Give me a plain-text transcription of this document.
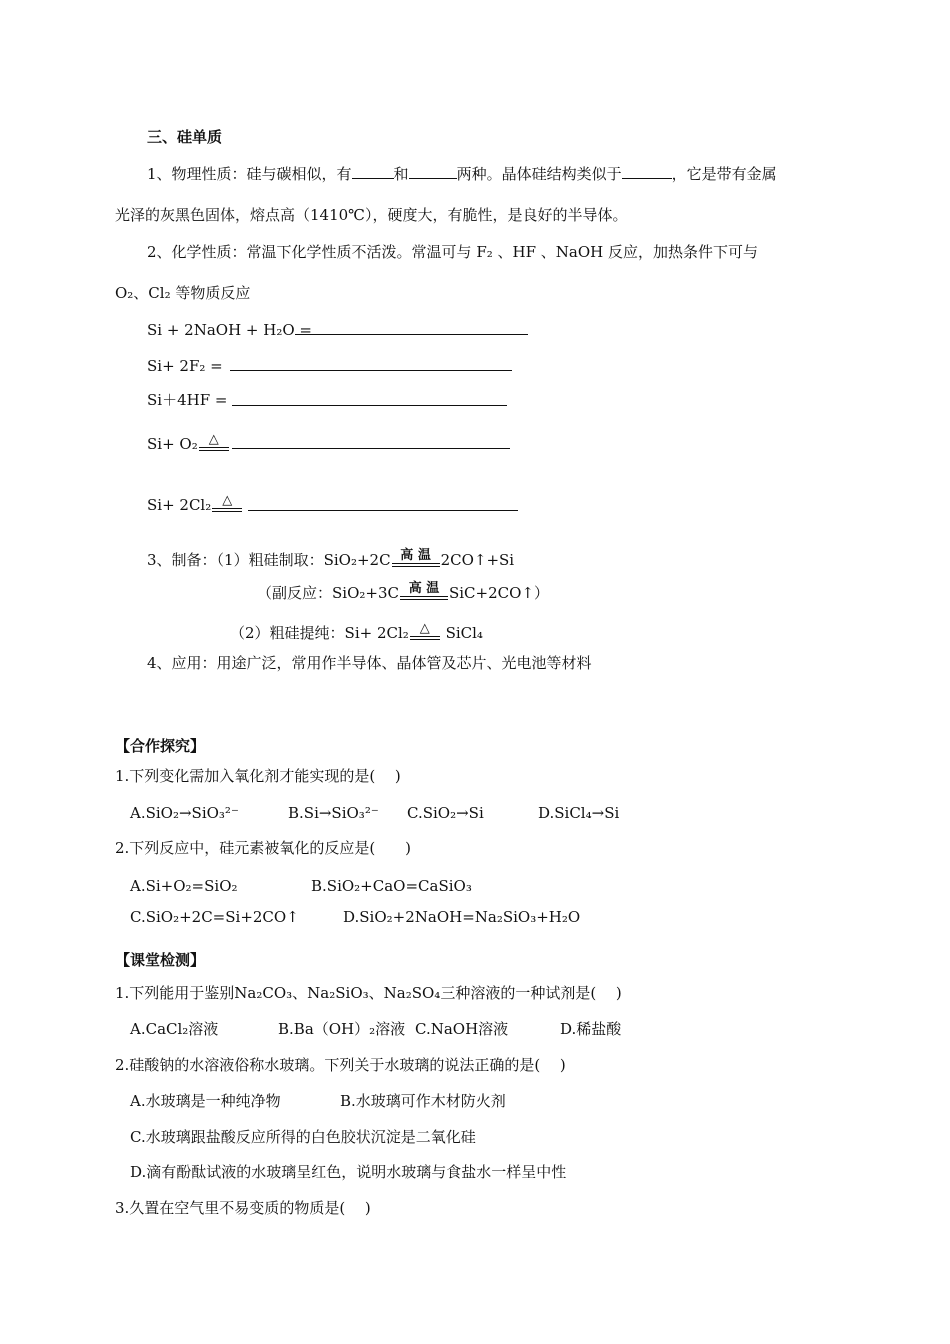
三、硅单质
1、物理性质：硅与碳相似，有	和	两种。晶体硅结构类似于	，它是带有金属
光泽的灰黑色固体，熔点高（1410℃），硬度大，有脆性，是良好的半导体。
2、化学性质：常温下化学性质不活泼。常温可与 F₂ 、HF 、NaOH 反应，加热条件下可与
O₂、Cl₂ 等物质反应
Si + 2NaOH + H₂O =
Si+ 2F₂ =
Si＋4HF =
Si+ O₂ △
Si+ 2Cl₂ △
3、制备：（1）粗硅制取：SiO₂+2C 高 温 2CO↑+Si
（副反应：SiO₂+3C 高 温 SiC+2CO↑）
（2）粗硅提纯：Si+ 2Cl₂ △ SiCl₄
4、应用：用途广泛，常用作半导体、晶体管及芯片、光电池等材料
【合作探究】
1.下列变化需加入氧化剂才能实现的是(　 )
A.SiO₂→SiO₃²⁻	B.Si→SiO₃²⁻ C.SiO₂→Si	D.SiCl₄→Si
2.下列反应中，硅元素被氧化的反应是(　　)
A.Si+O₂=SiO₂	B.SiO₂+CaO=CaSiO₃
C.SiO₂+2C=Si+2CO↑	D.SiO₂+2NaOH=Na₂SiO₃+H₂O
【课堂检测】
1.下列能用于鉴别Na₂CO₃、Na₂SiO₃、Na₂SO₄三种溶液的一种试剂是(　 )
A.CaCl₂溶液	B.Ba（OH）₂溶液 C.NaOH溶液	D.稀盐酸
2.硅酸钠的水溶液俗称水玻璃。下列关于水玻璃的说法正确的是(　 )
A.水玻璃是一种纯净物	B.水玻璃可作木材防火剂
C.水玻璃跟盐酸反应所得的白色胶状沉淀是二氧化硅
D.滴有酚酞试液的水玻璃呈红色，说明水玻璃与食盐水一样呈中性
3.久置在空气里不易变质的物质是(　 )
